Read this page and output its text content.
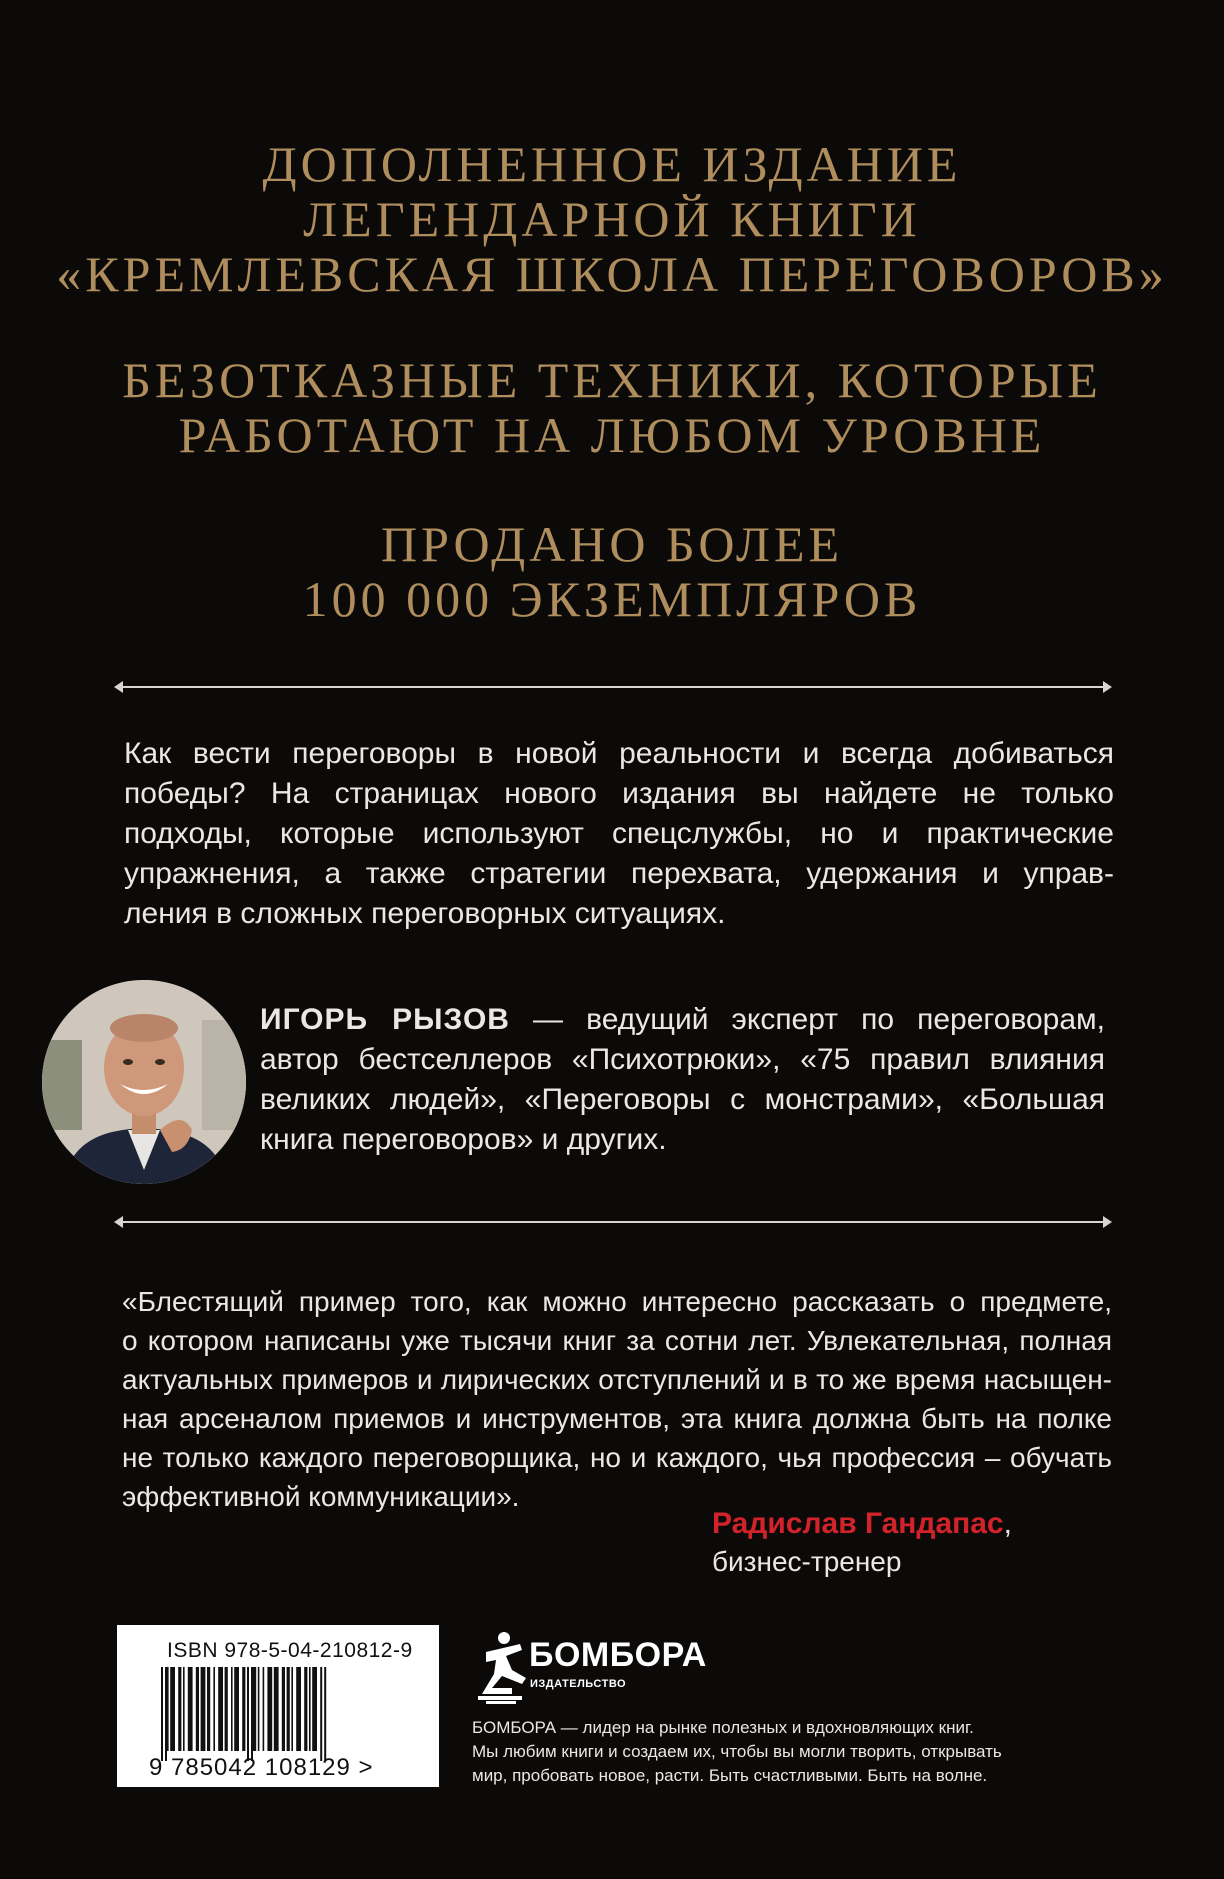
ДОПОЛНЕННОЕ ИЗДАНИЕ
ЛЕГЕНДАРНОЙ КНИГИ
«КРЕМЛЕВСКАЯ ШКОЛА ПЕРЕГОВОРОВ»
БЕЗОТКАЗНЫЕ ТЕХНИКИ, КОТОРЫЕ
РАБОТАЮТ НА ЛЮБОМ УРОВНЕ
ПРОДАНО БОЛЕЕ
100 000 ЭКЗЕМПЛЯРОВ
Как вести переговоры в новой реальности и всегда добиваться
победы? На страницах нового издания вы найдете не только
подходы, которые используют спецслужбы, но и практические
упражнения, а также стратегии перехвата, удержания и управ-
ления в сложных переговорных ситуациях.
ИГОРЬ РЫЗОВ — ведущий эксперт по переговорам,
автор бестселлеров «Психотрюки», «75 правил влияния
великих людей», «Переговоры с монстрами», «Большая
книга переговоров» и других.
«Блестящий пример того, как можно интересно рассказать о предмете,
о котором написаны уже тысячи книг за сотни лет. Увлекательная, полная
актуальных примеров и лирических отступлений и в то же время насыщен-
ная арсеналом приемов и инструментов, эта книга должна быть на полке
не только каждого переговорщика, но и каждого, чья профессия – обучать
эффективной коммуникации».
Радислав Гандапас,
бизнес-тренер
ISBN 978-5-04-210812-9
9 785042 108129 >
БОМБОРА
ИЗДАТЕЛЬСТВО
БОМБОРА — лидер на рынке полезных и вдохновляющих книг.
Мы любим книги и создаем их, чтобы вы могли творить, открывать
мир, пробовать новое, расти. Быть счастливыми. Быть на волне.
